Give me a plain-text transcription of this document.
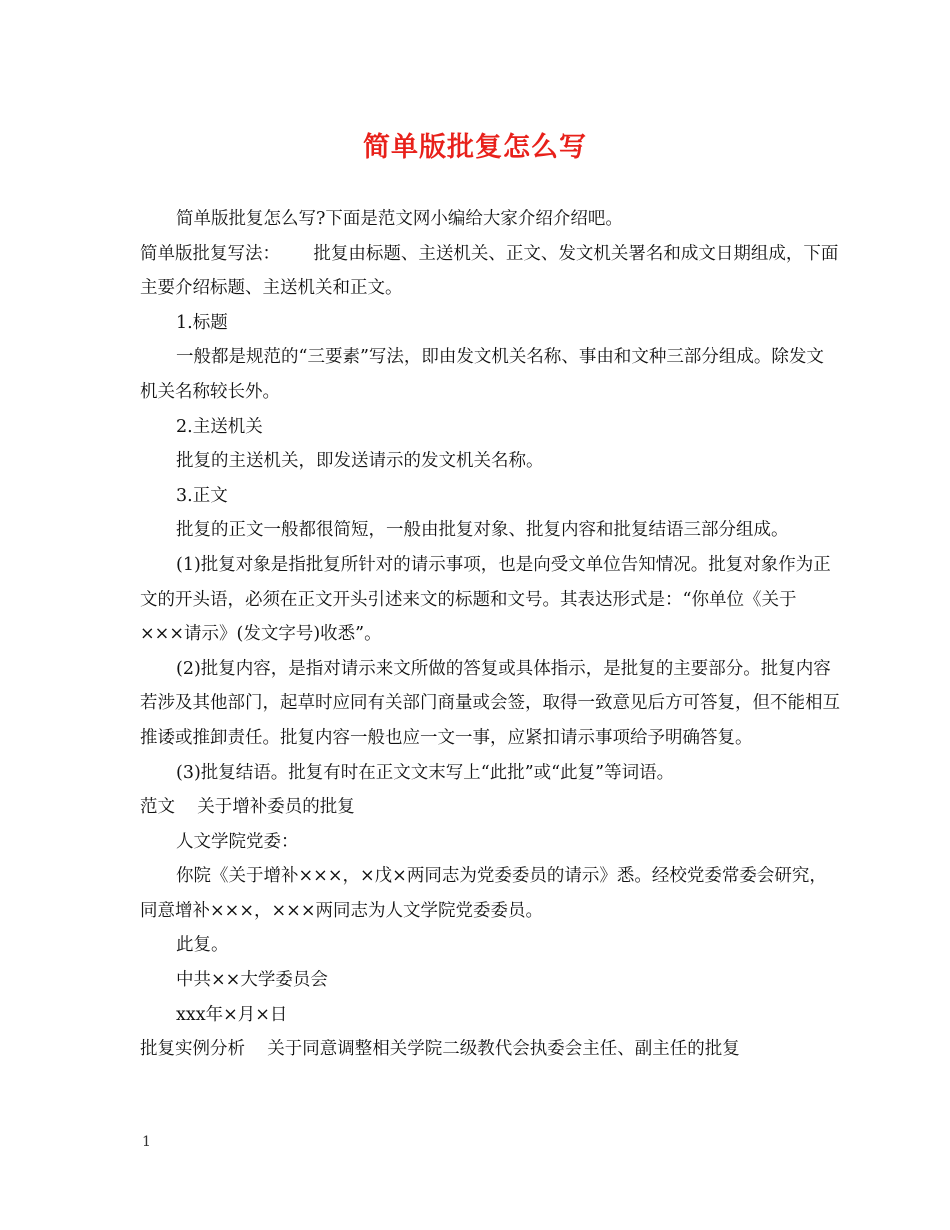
简单版批复怎么写

简单版批复怎么写?下面是范文网小编给大家介绍介绍吧。

简单版批复写法：      批复由标题、主送机关、正文、发文机关署名和成文日期组成，下面主要介绍标题、主送机关和正文。

1.标题

一般都是规范的“三要素”写法，即由发文机关名称、事由和文种三部分组成。除发文机关名称较长外。

2.主送机关

批复的主送机关，即发送请示的发文机关名称。

3.正文

批复的正文一般都很简短，一般由批复对象、批复内容和批复结语三部分组成。

(1)批复对象是指批复所针对的请示事项，也是向受文单位告知情况。批复对象作为正文的开头语，必须在正文开头引述来文的标题和文号。其表达形式是：“你单位《关于×××请示》(发文字号)收悉”。

(2)批复内容，是指对请示来文所做的答复或具体指示，是批复的主要部分。批复内容若涉及其他部门，起草时应同有关部门商量或会签，取得一致意见后方可答复，但不能相互推诿或推卸责任。批复内容一般也应一文一事，应紧扣请示事项给予明确答复。

(3)批复结语。批复有时在正文文末写上“此批”或“此复”等词语。

范文    关于增补委员的批复

人文学院党委：

你院《关于增补×××，×戊×两同志为党委委员的请示》悉。经校党委常委会研究，同意增补×××，×××两同志为人文学院党委委员。

此复。

中共××大学委员会

xxx年×月×日

批复实例分析    关于同意调整相关学院二级教代会执委会主任、副主任的批复

1
